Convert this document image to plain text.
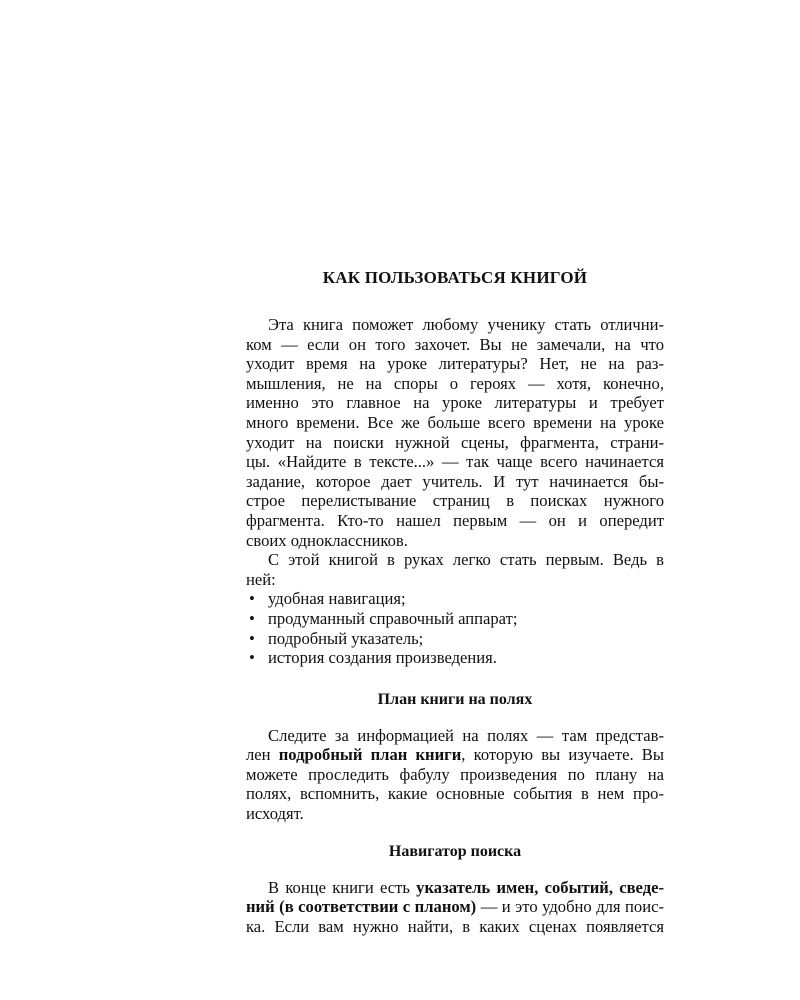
КАК ПОЛЬЗОВАТЬСЯ КНИГОЙ
Эта книга поможет любому ученику стать отлични-
ком — если он того захочет. Вы не замечали, на что
уходит время на уроке литературы? Нет, не на раз-
мышления, не на споры о героях — хотя, конечно,
именно это главное на уроке литературы и требует
много времени. Все же больше всего времени на уроке
уходит на поиски нужной сцены, фрагмента, страни-
цы. «Найдите в тексте...» — так чаще всего начинается
задание, которое дает учитель. И тут начинается бы-
строе перелистывание страниц в поисках нужного
фрагмента. Кто-то нашел первым — он и опередит
своих одноклассников.
С этой книгой в руках легко стать первым. Ведь в
ней:
• удобная навигация;
• продуманный справочный аппарат;
• подробный указатель;
• история создания произведения.
План книги на полях
Следите за информацией на полях — там представ-
лен подробный план книги, которую вы изучаете. Вы
можете проследить фабулу произведения по плану на
полях, вспомнить, какие основные события в нем про-
исходят.
Навигатор поиска
В конце книги есть указатель имен, событий, сведе-
ний (в соответствии с планом) — и это удобно для поис-
ка. Если вам нужно найти, в каких сценах появляется
